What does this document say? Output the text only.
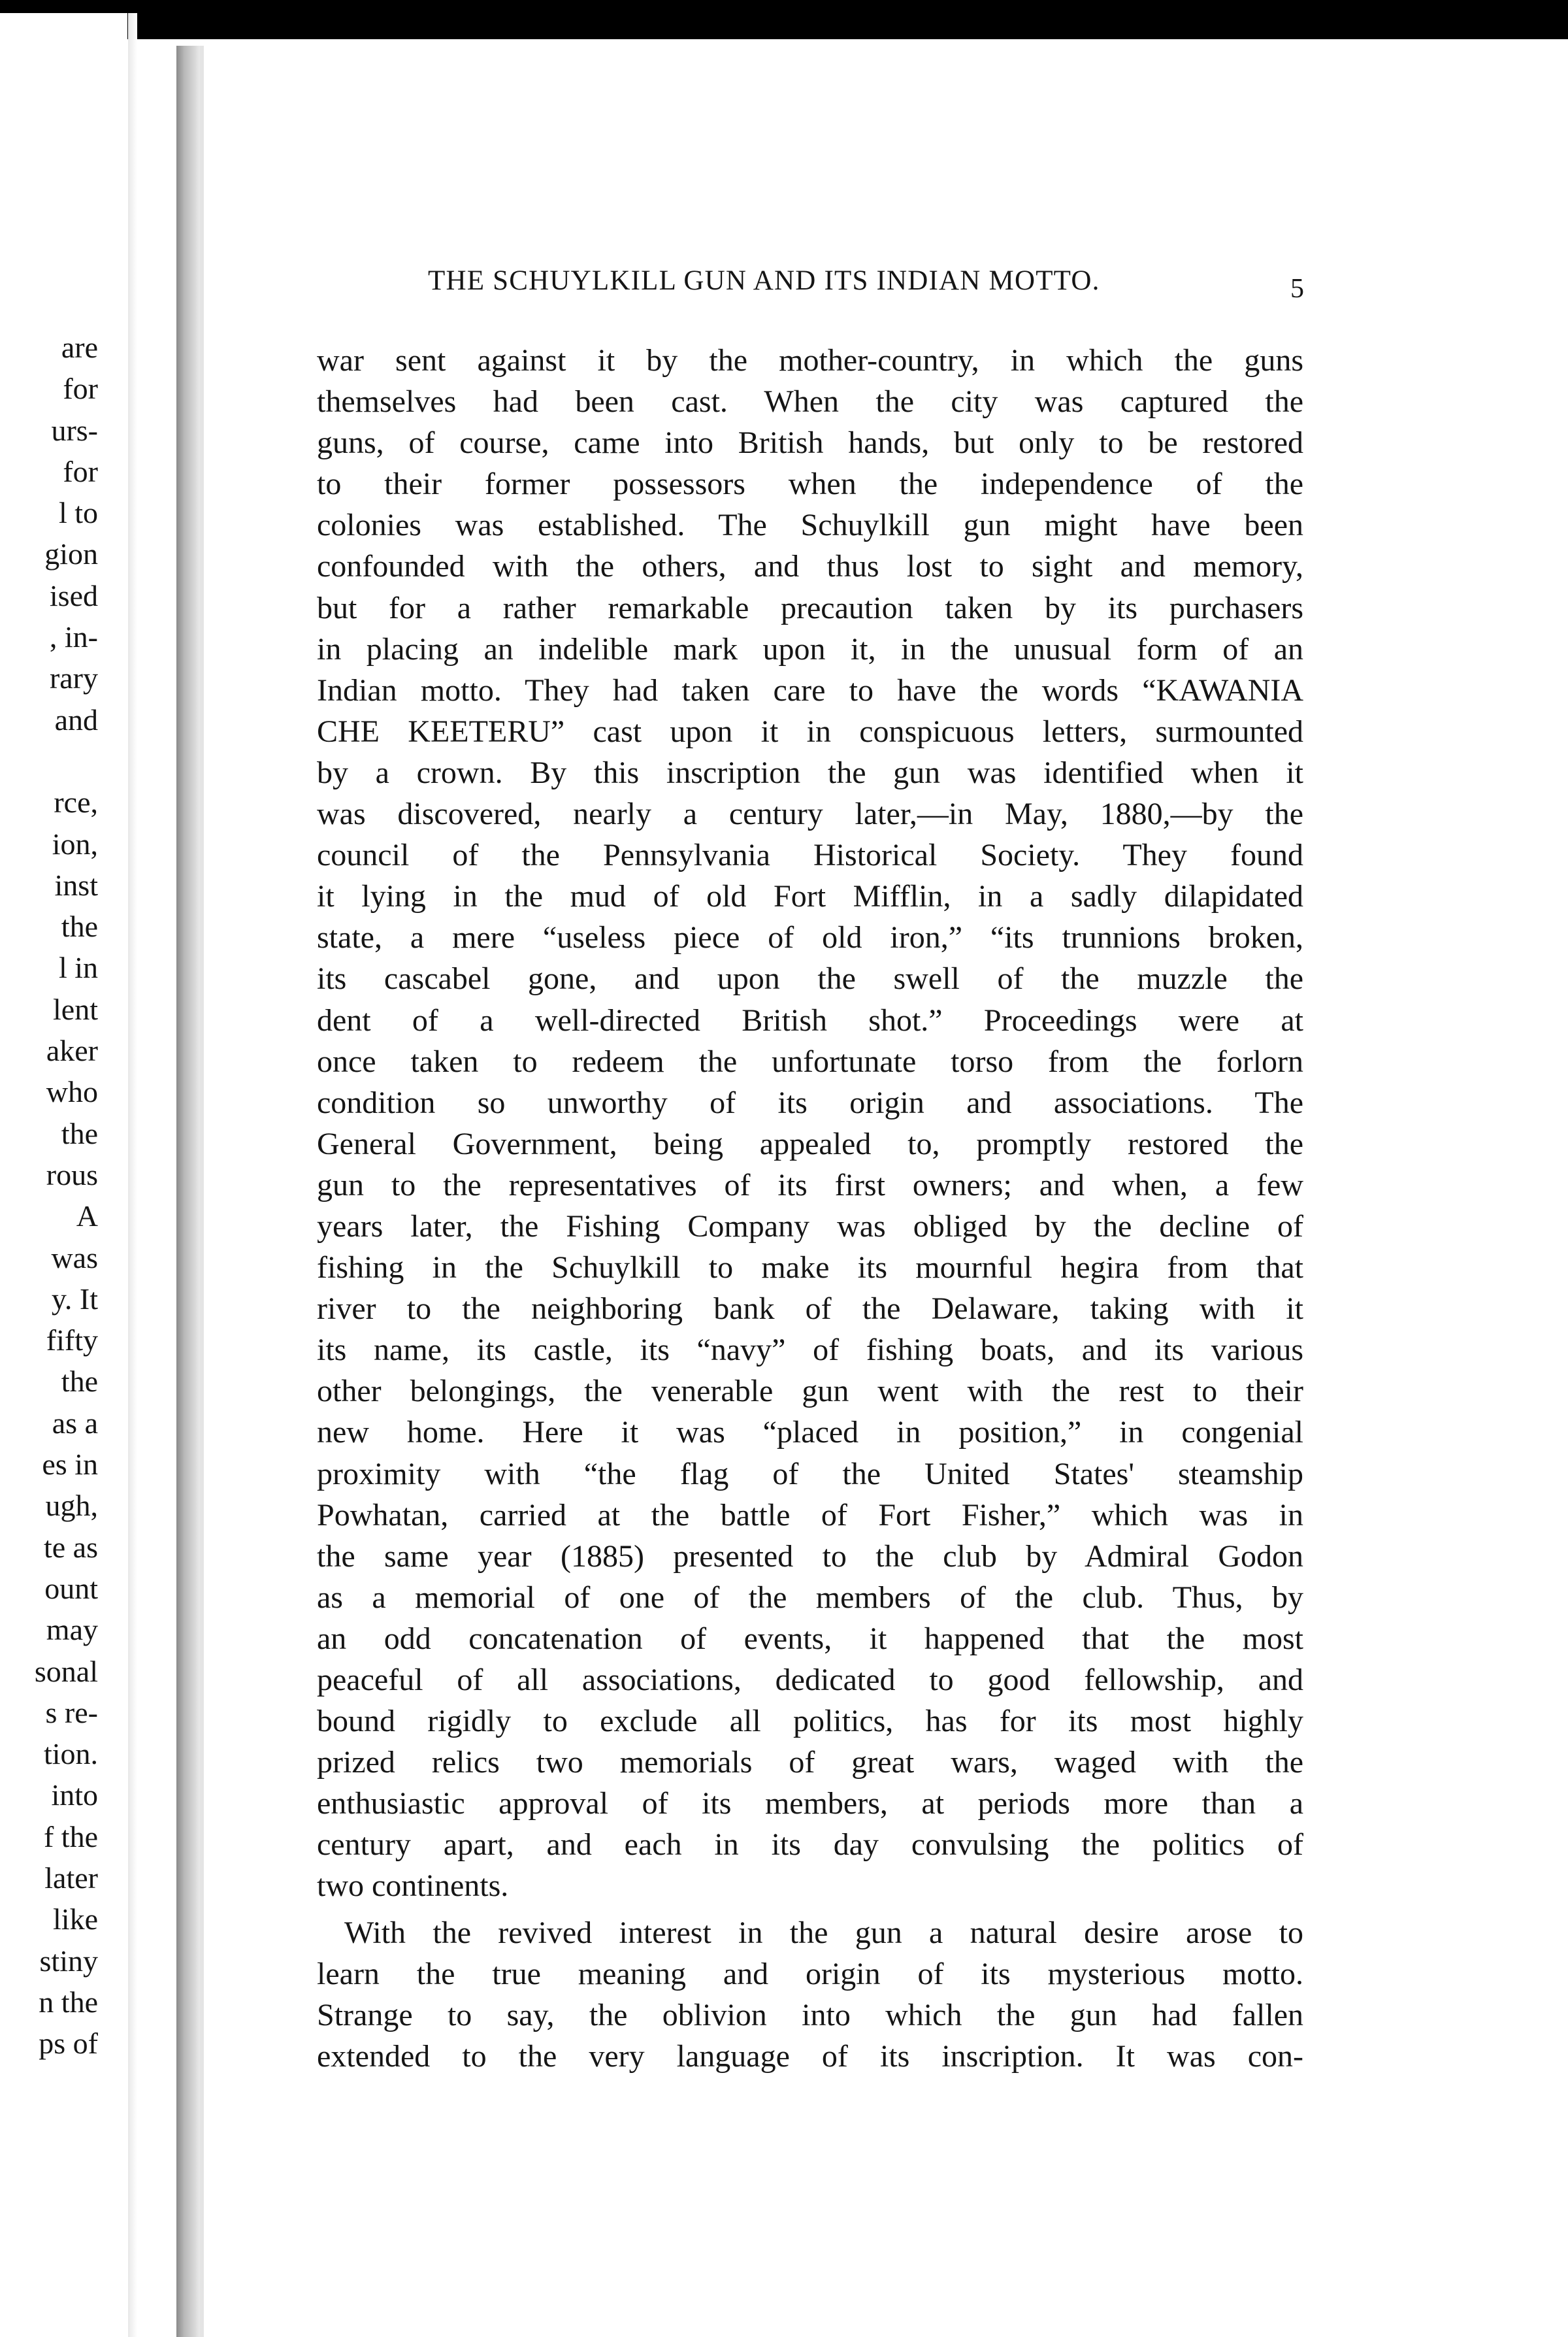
are
for
urs-
for
l to
gion
ised
, in-
rary
and
rce,
ion,
inst
the
l in
lent
aker
who
the
rous
A
was
y. It
fifty
the
as a
es in
ugh,
te as
ount
may
sonal
s re-
tion.
into
f the
later
like
stiny
n the
ps of
THE SCHUYLKILL GUN AND ITS INDIAN MOTTO.	5
war sent against it by the mother-country, in which the guns
themselves had been cast. When the city was captured the
guns, of course, came into British hands, but only to be restored
to their former possessors when the independence of the
colonies was established. The Schuylkill gun might have been
confounded with the others, and thus lost to sight and memory,
but for a rather remarkable precaution taken by its purchasers
in placing an indelible mark upon it, in the unusual form of an
Indian motto. They had taken care to have the words “KAWANIA
CHE KEETERU” cast upon it in conspicuous letters, surmounted
by a crown. By this inscription the gun was identified when it
was discovered, nearly a century later,—in May, 1880,—by the
council of the Pennsylvania Historical Society. They found
it lying in the mud of old Fort Mifflin, in a sadly dilapidated
state, a mere “useless piece of old iron,” “its trunnions broken,
its cascabel gone, and upon the swell of the muzzle the
dent of a well-directed British shot.” Proceedings were at
once taken to redeem the unfortunate torso from the forlorn
condition so unworthy of its origin and associations. The
General Government, being appealed to, promptly restored the
gun to the representatives of its first owners; and when, a few
years later, the Fishing Company was obliged by the decline of
fishing in the Schuylkill to make its mournful hegira from that
river to the neighboring bank of the Delaware, taking with it
its name, its castle, its “navy” of fishing boats, and its various
other belongings, the venerable gun went with the rest to their
new home. Here it was “placed in position,” in congenial
proximity with “the flag of the United States' steamship
Powhatan, carried at the battle of Fort Fisher,” which was in
the same year (1885) presented to the club by Admiral Godon
as a memorial of one of the members of the club. Thus, by
an odd concatenation of events, it happened that the most
peaceful of all associations, dedicated to good fellowship, and
bound rigidly to exclude all politics, has for its most highly
prized relics two memorials of great wars, waged with the
enthusiastic approval of its members, at periods more than a
century apart, and each in its day convulsing the politics of
two continents.
With the revived interest in the gun a natural desire arose to
learn the true meaning and origin of its mysterious motto.
Strange to say, the oblivion into which the gun had fallen
extended to the very language of its inscription. It was con-
